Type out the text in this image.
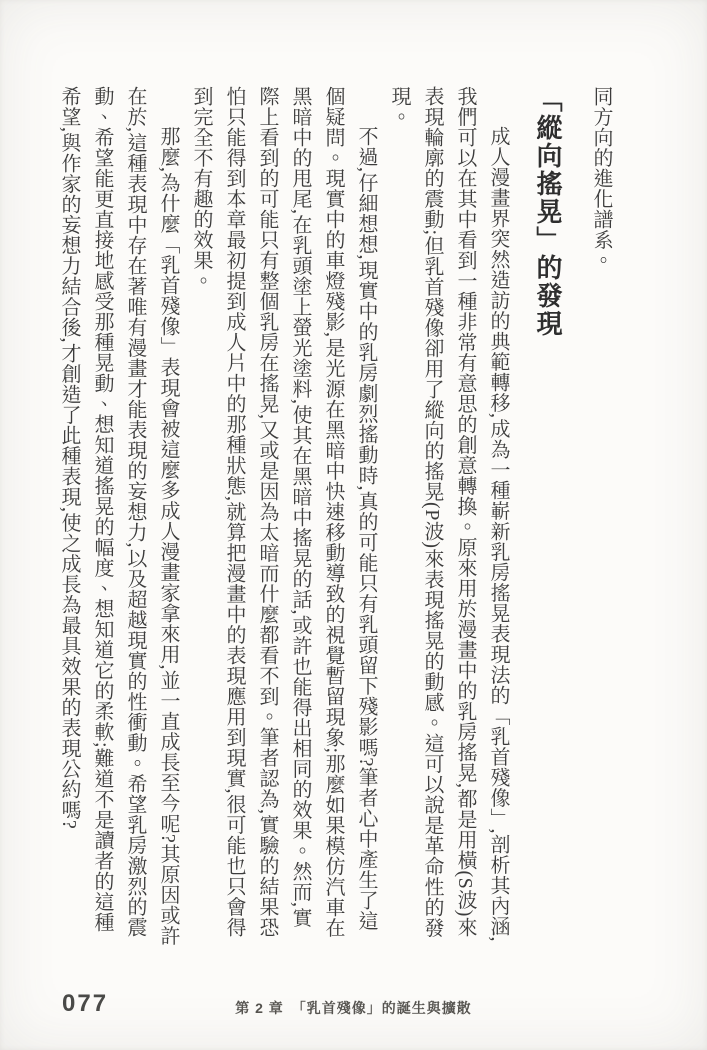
同方向的進化譜系。

「縱向搖晃」的發現

成人漫畫界突然造訪的典範轉移,成為一種嶄新乳房搖晃表現法的「乳首殘像」,剖析其內涵,我們可以在其中看到一種非常有意思的創意轉換。原來用於漫畫中的乳房搖晃,都是用橫(S波)來表現輪廓的震動;但乳首殘像卻用了縱向的搖晃(P波)來表現搖晃的動感。這可以說是革命性的發現。

不過,仔細想想,現實中的乳房劇烈搖動時,真的可能只有乳頭留下殘影嗎?筆者心中產生了這個疑問。現實中的車燈殘影,是光源在黑暗中快速移動導致的視覺暫留現象;那麼如果模仿汽車在黑暗中的甩尾,在乳頭塗上螢光塗料,使其在黑暗中搖晃的話,或許也能得出相同的效果。然而,實際上看到的可能只有整個乳房在搖晃,又或是因為太暗而什麼都看不到。筆者認為,實驗的結果恐怕只能得到本章最初提到成人片中的那種狀態,就算把漫畫中的表現應用到現實,很可能也只會得到完全不有趣的效果。

那麼,為什麼「乳首殘像」表現會被這麼多成人漫畫家拿來用,並一直成長至今呢?其原因或許在於,這種表現中存在著唯有漫畫才能表現的妄想力,以及超越現實的性衝動。希望乳房激烈的震動、希望能更直接地感受那種晃動、想知道搖晃的幅度、想知道它的柔軟;難道不是讀者的這種希望,與作家的妄想力結合後,才創造了此種表現,使之成長為最具效果的表現公約嗎?

077	第 2 章　「乳首殘像」的誕生與擴散
